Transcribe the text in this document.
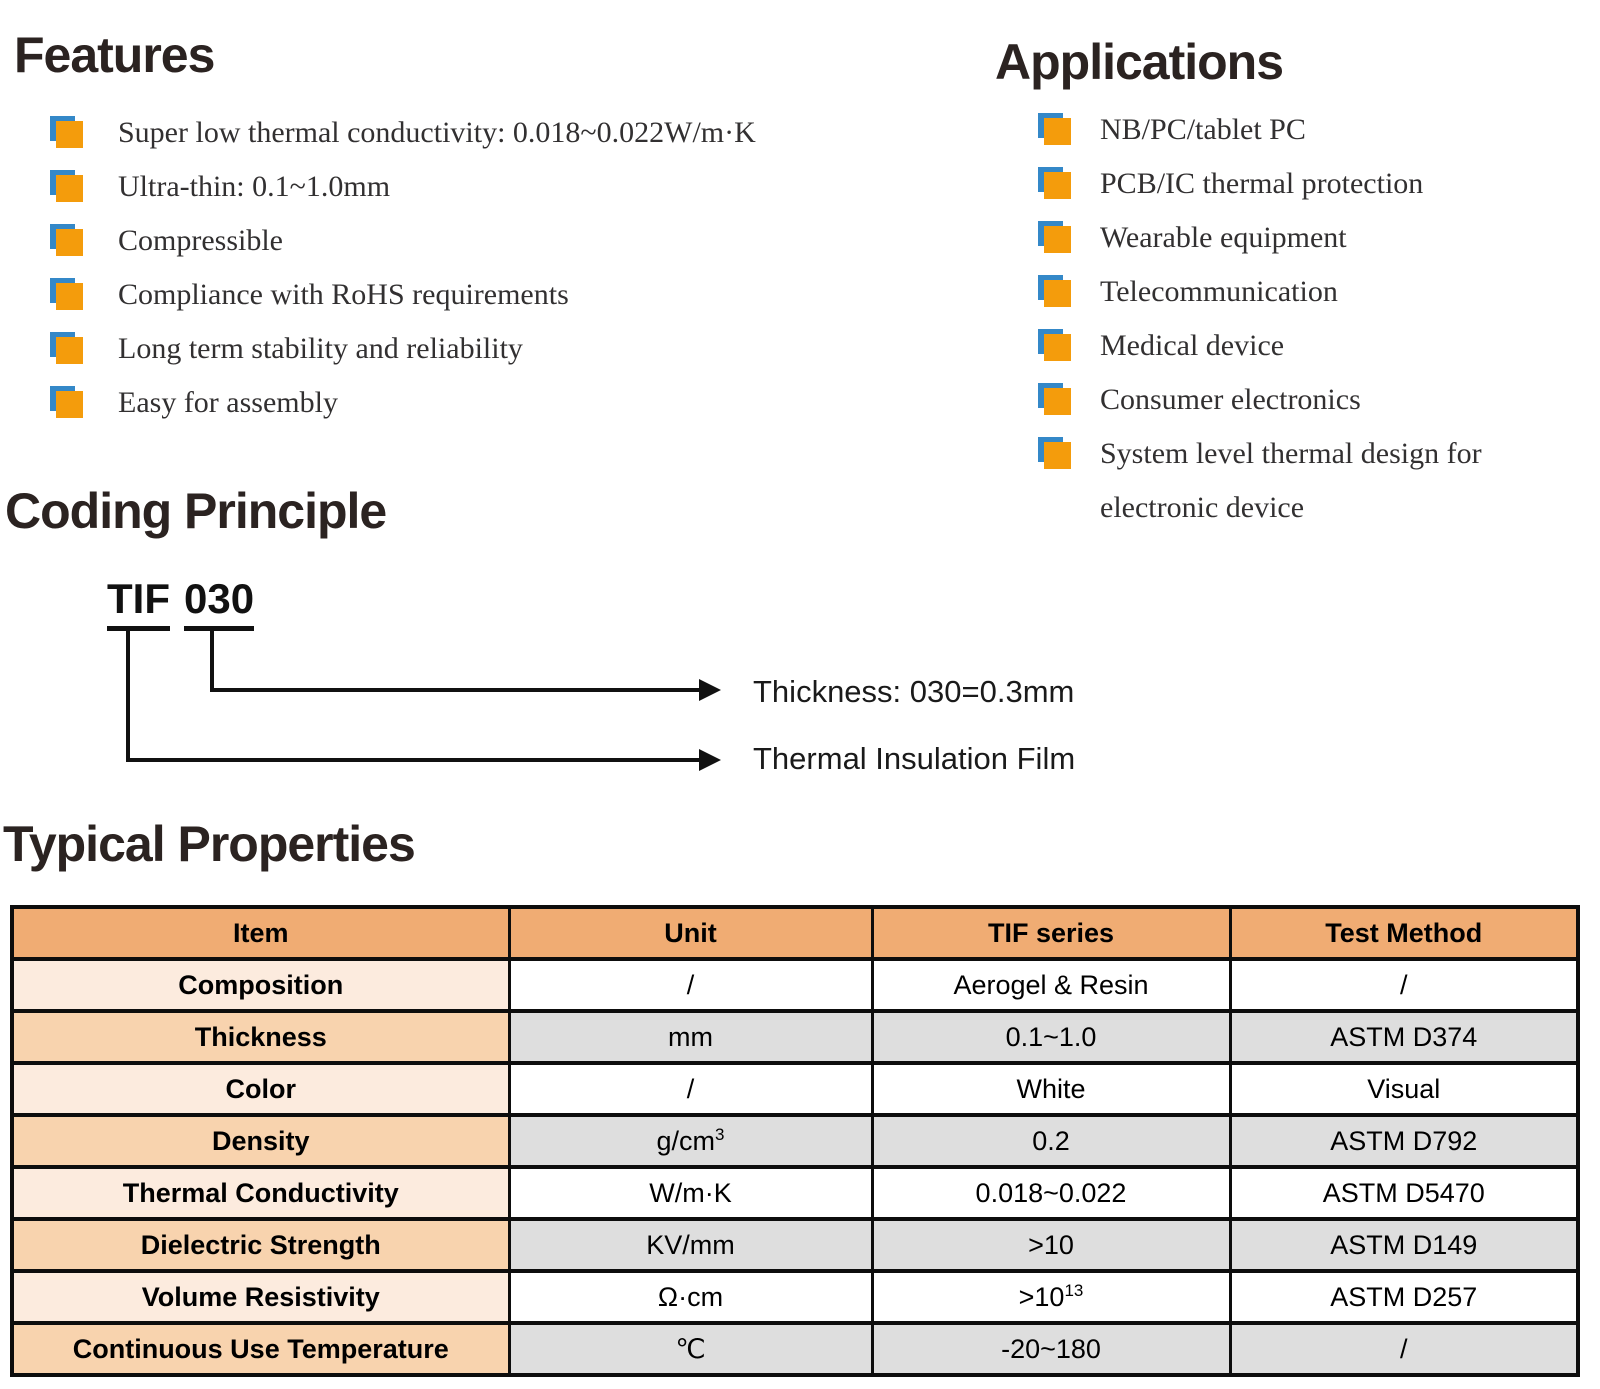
Features
Super low thermal conductivity: 0.018~0.022W/m·K
Ultra-thin: 0.1~1.0mm
Compressible
Compliance with RoHS requirements
Long term stability and reliability
Easy for assembly
Applications
NB/PC/tablet PC
PCB/IC thermal protection
Wearable equipment
Telecommunication
Medical device
Consumer electronics
System level thermal design for electronic device
Coding Principle
TIF 030
Thickness: 030=0.3mm
Thermal Insulation Film
Typical Properties
Item	Unit	TIF series	Test Method
Composition	/	Aerogel & Resin	/
Thickness	mm	0.1~1.0	ASTM D374
Color	/	White	Visual
Density	$g/cm^3$	0.2	ASTM D792
Thermal Conductivity	W/m·K	0.018~0.022	ASTM D5470
Dielectric Strength	KV/mm	>10	ASTM D149
Volume Resistivity	Ω·cm	$>10^{13}$	ASTM D257
Continuous Use Temperature	℃	-20~180	/
